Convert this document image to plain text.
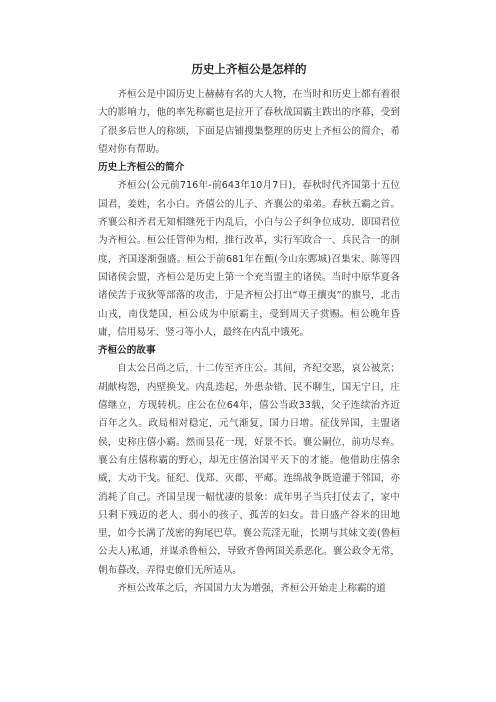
历史上齐桓公是怎样的

齐桓公是中国历史上赫赫有名的大人物，在当时和历史上都有着很大的影响力，他的率先称霸也是拉开了春秋战国霸主跌出的序幕，受到了很多后世人的称颂，下面是店铺搜集整理的历史上齐桓公的简介，希望对你有帮助。

历史上齐桓公的简介

齐桓公(公元前716年-前643年10月7日)，春秋时代齐国第十五位国君，姜姓，名小白。齐僖公的儿子、齐襄公的弟弟。春秋五霸之首。齐襄公和齐君无知相继死于内乱后，小白与公子纠争位成功，即国君位为齐桓公。桓公任管仲为相，推行改革，实行军政合一、兵民合一的制度，齐国逐渐强盛。桓公于前681年在甄(今山东鄄城)召集宋、陈等四国诸侯会盟，齐桓公是历史上第一个充当盟主的诸侯。当时中原华夏各诸侯苦于戎狄等部落的攻击，于是齐桓公打出“尊王攘夷”的旗号，北击山戎，南伐楚国，桓公成为中原霸主，受到周天子赏赐。桓公晚年昏庸，信用易牙、竖刁等小人，最终在内乱中饿死。

齐桓公的故事

自太公吕尚之后，十二传至齐庄公。其间，齐纪交恶，哀公被烹；胡献构怨，内壁换戈。内乱迭起，外患杂错、民不聊生，国无宁日，庄僖继立，方现转机。庄公在位64年，僖公当政33载，父子连续治齐近百年之久。政局相对稳定，元气渐复，国力日增。征伐异国，主盟诸侯，史称庄僖小霸。然而昙花一现，好景不长。襄公嗣位，前功尽弃。襄公有庄僖称霸的野心，却无庄僖治国平天下的才能。他借助庄僖余威，大动干戈。征纪、伐郑、灭郡、平郕。连绵战争既造灌于邻国，亦消耗了自己。齐国呈现一幅忧凄的景象：成年男子当兵打仗去了，家中只剩下残迈的老人、弱小的孩子、孤苦的妇女。昔日盛产谷米的田地里，如今长满了茂密的狗尾巴草。襄公荒淫无耻，长期与其妹文姜(鲁桓公夫人)私通，并谋杀鲁桓公，导致齐鲁两国关系恶化。襄公政令无常，朝布暮改，弄得吏僚们无所适从。

齐桓公改革之后，齐国国力大为增强，齐桓公开始走上称霸的道
